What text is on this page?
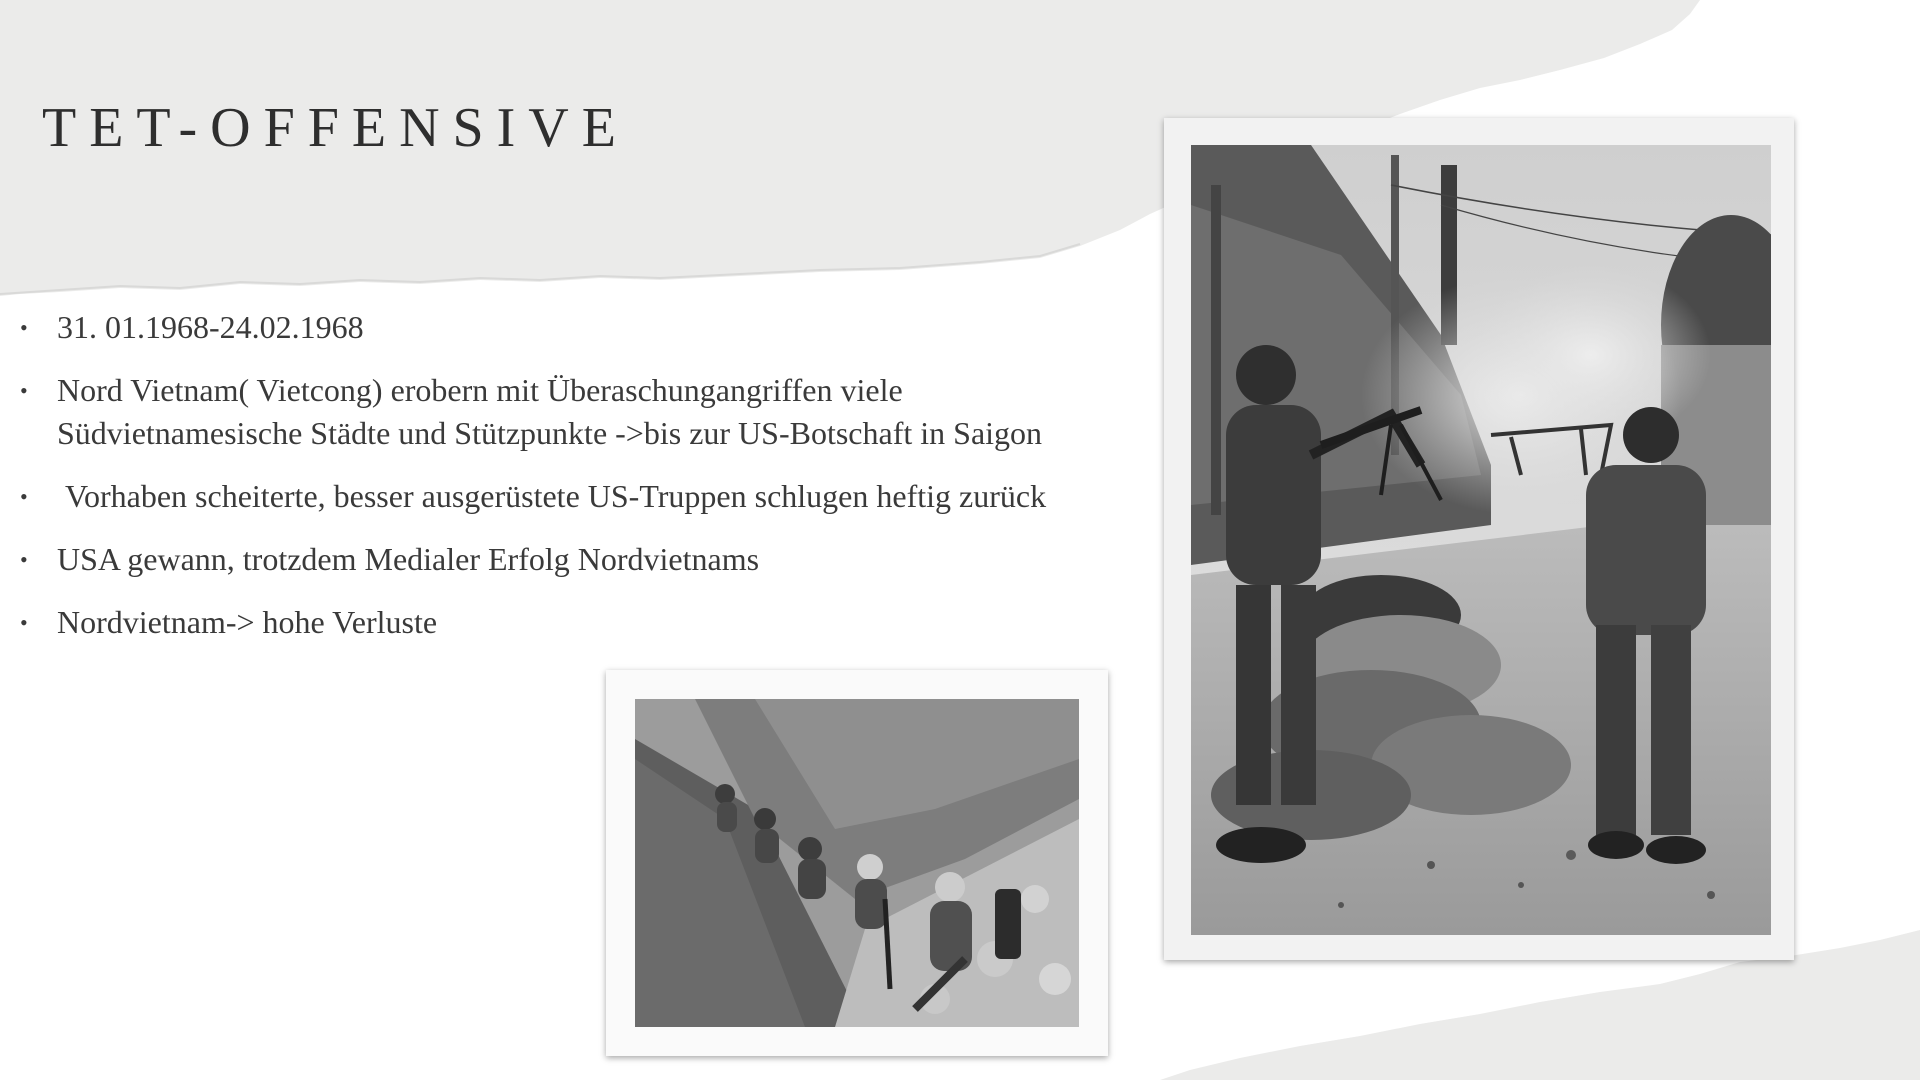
TET-OFFENSIVE
• 31. 01.1968-24.02.1968
• Nord Vietnam( Vietcong) erobern mit Überaschungangriffen viele Südvietnamesische Städte und Stützpunkte ->bis zur US-Botschaft in Saigon
• Vorhaben scheiterte, besser ausgerüstete US-Truppen schlugen heftig zurück
• USA gewann, trotzdem Medialer Erfolg Nordvietnams
• Nordvietnam-> hohe Verluste
